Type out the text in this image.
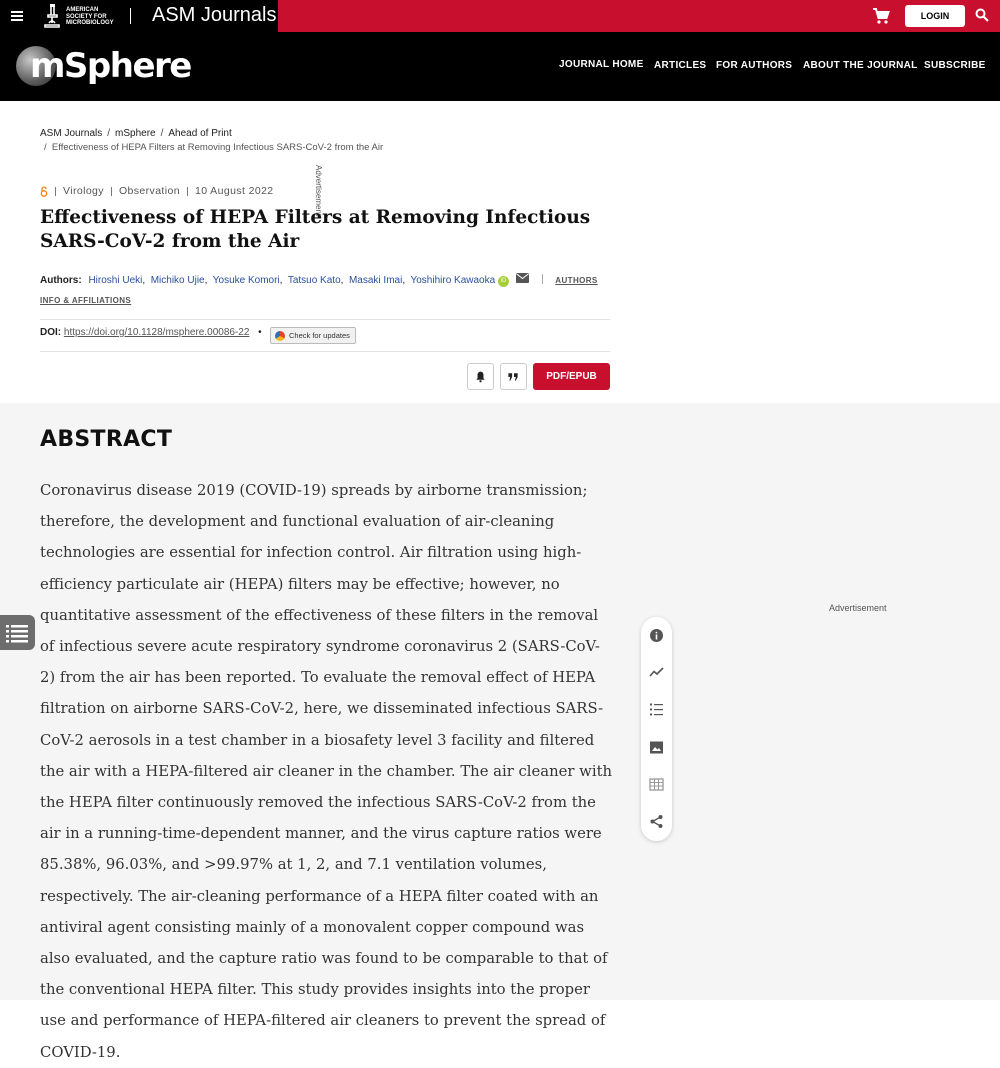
AMERICAN SOCIETY FOR MICROBIOLOGY	ASM Journals	LOGIN
mSphere	JOURNAL HOME ARTICLES FOR AUTHORS ABOUT THE JOURNAL SUBSCRIBE
ASM Journals / mSphere / Ahead of Print
/  Effectiveness of HEPA Filters at Removing Infectious SARS-CoV-2 from the Air
Virology Observation 10 August 2022	Advertisement
Effectiveness of HEPA Filters at Removing Infectious SARS-CoV-2 from the Air
Authors: Hiroshi Ueki,  Michiko Ujie,  Yosuke Komori,  Tatsuo Kato,  Masaki Imai,  Yoshihiro Kawaoka iD	AUTHORS INFO & AFFILIATIONS
DOI: https://doi.org/10.1128/msphere.00086-22 •	Check for updates
PDF/EPUB
ABSTRACT

Coronavirus disease 2019 (COVID-19) spreads by airborne transmission; therefore, the development and functional evaluation of air-cleaning technologies are essential for infection control. Air filtration using high-efficiency particulate air (HEPA) filters may be effective; however, no quantitative assessment of the effectiveness of these filters in the removal of infectious severe acute respiratory syndrome coronavirus 2 (SARS-CoV-2) from the air has been reported. To evaluate the removal effect of HEPA filtration on airborne SARS-CoV-2, here, we disseminated infectious SARS-CoV-2 aerosols in a test chamber in a biosafety level 3 facility and filtered the air with a HEPA-filtered air cleaner in the chamber. The air cleaner with the HEPA filter continuously removed the infectious SARS-CoV-2 from the air in a running-time-dependent manner, and the virus capture ratios were 85.38%, 96.03%, and >99.97% at 1, 2, and 7.1 ventilation volumes, respectively. The air-cleaning performance of a HEPA filter coated with an antiviral agent consisting mainly of a monovalent copper compound was also evaluated, and the capture ratio was found to be comparable to that of the conventional HEPA filter. This study provides insights into the proper use and performance of HEPA-filtered air cleaners to prevent the spread of COVID-19.

Advertisement
